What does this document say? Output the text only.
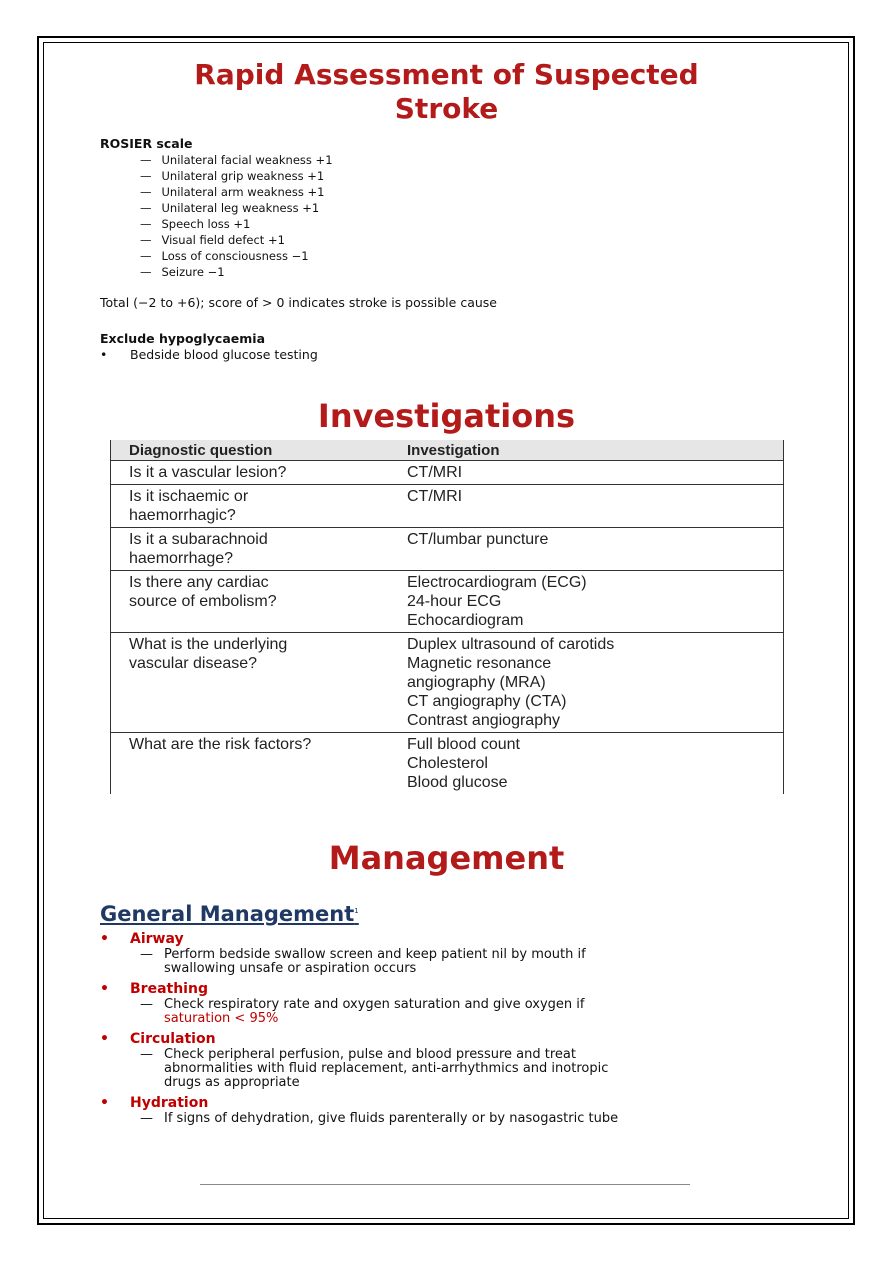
Rapid Assessment of Suspected
Stroke
ROSIER scale
— Unilateral facial weakness +1
— Unilateral grip weakness +1
— Unilateral arm weakness +1
— Unilateral leg weakness +1
— Speech loss +1
— Visual field defect +1
— Loss of consciousness −1
— Seizure −1
Total (−2 to +6); score of > 0 indicates stroke is possible cause
Exclude hypoglycaemia
• Bedside blood glucose testing
Investigations
Diagnostic question	Investigation

Is it a vascular lesion?	CT/MRI

Is it ischaemic or
haemorrhagic?	CT/MRI

Is it a subarachnoid
haemorrhage?	CT/lumbar puncture

Is there any cardiac
source of embolism?	Electrocardiogram (ECG)
24-hour ECG
Echocardiogram

What is the underlying
vascular disease?	Duplex ultrasound of carotids
Magnetic resonance
angiography (MRA)
CT angiography (CTA)
Contrast angiography

What are the risk factors?	Full blood count
Cholesterol
Blood glucose
Management
General Management$^1$
• Airway
— Perform bedside swallow screen and keep patient nil by mouth if
swallowing unsafe or aspiration occurs
• Breathing
— Check respiratory rate and oxygen saturation and give oxygen if
saturation < 95%
• Circulation
— Check peripheral perfusion, pulse and blood pressure and treat
abnormalities with fluid replacement, anti-arrhythmics and inotropic
drugs as appropriate
• Hydration
— If signs of dehydration, give fluids parenterally or by nasogastric tube
